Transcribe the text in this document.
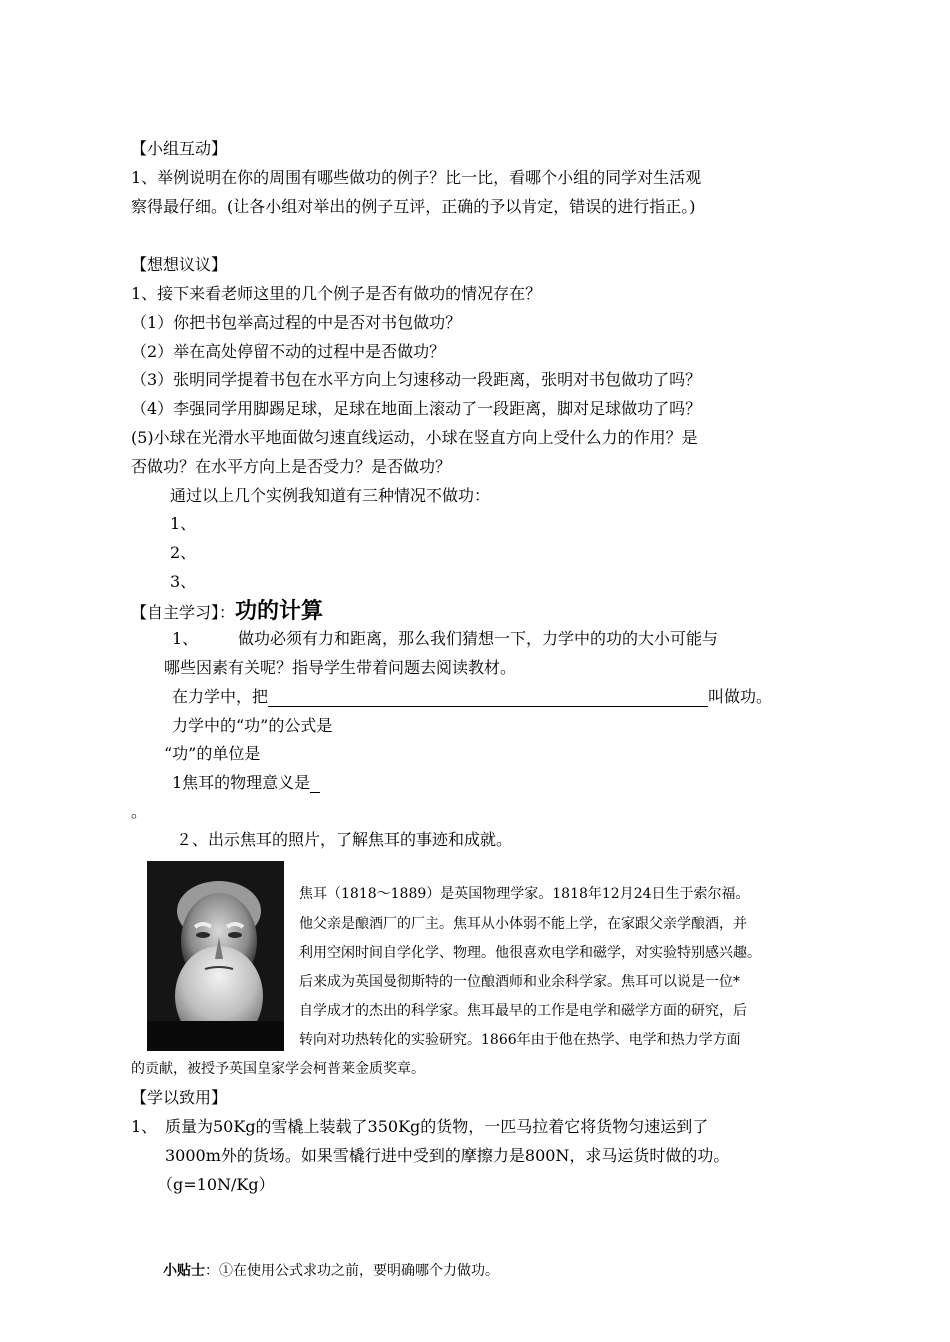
【小组互动】
1、举例说明在你的周围有哪些做功的例子？比一比，看哪个小组的同学对生活观
察得最仔细。(让各小组对举出的例子互评，正确的予以肯定，错误的进行指正。)
【想想议议】
1、接下来看老师这里的几个例子是否有做功的情况存在？
（1）你把书包举高过程的中是否对书包做功？
（2）举在高处停留不动的过程中是否做功？
（3）张明同学提着书包在水平方向上匀速移动一段距离，张明对书包做功了吗？
（4）李强同学用脚踢足球，足球在地面上滚动了一段距离，脚对足球做功了吗？
(5)小球在光滑水平地面做匀速直线运动，小球在竖直方向上受什么力的作用？是
否做功？在水平方向上是否受力？是否做功？
通过以上几个实例我知道有三种情况不做功：
1、
2、
3、
【自主学习】：功的计算
1、 做功必须有力和距离，那么我们猜想一下，力学中的功的大小可能与
哪些因素有关呢？指导学生带着问题去阅读教材。
在力学中，把	叫做功。
力学中的“功”的公式是
“功”的单位是
1焦耳的物理意义是
。
２、出示焦耳的照片，了解焦耳的事迹和成就。
焦耳（1818～1889）是英国物理学家。1818年12月24日生于索尔福。
他父亲是酿酒厂的厂主。焦耳从小体弱不能上学，在家跟父亲学酿酒，并
利用空闲时间自学化学、物理。他很喜欢电学和磁学，对实验特别感兴趣。
后来成为英国曼彻斯特的一位酿酒师和业余科学家。焦耳可以说是一位*
自学成才的杰出的科学家。焦耳最早的工作是电学和磁学方面的研究，后
转向对功热转化的实验研究。1866年由于他在热学、电学和热力学方面
的贡献，被授予英国皇家学会柯普莱金质奖章。
【学以致用】
1、 质量为50Kg的雪橇上装载了350Kg的货物，一匹马拉着它将货物匀速运到了
3000m外的货场。如果雪橇行进中受到的摩擦力是800N，求马运货时做的功。
（g=10N/Kg）
小贴士：①在使用公式求功之前，要明确哪个力做功。
